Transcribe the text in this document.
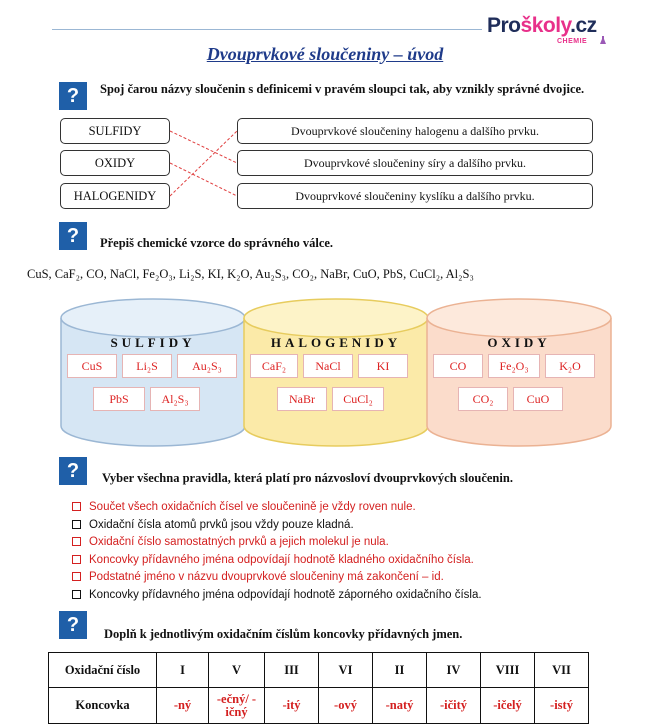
Proškoly.cz
CHEMIE
Dvouprvkové sloučeniny – úvod
?	Spoj čarou názvy sloučenin s definicemi v pravém sloupci tak, aby vznikly správné dvojice.
SULFIDY
OXIDY
HALOGENIDY
Dvouprvkové sloučeniny halogenu a dalšího prvku.
Dvouprvkové sloučeniny síry a dalšího prvku.
Dvouprvkové sloučeniny kyslíku a dalšího prvku.
?	Přepiš chemické vzorce do správného válce.
CuS, CaF₂, CO, NaCl, Fe₂O₃, Li₂S, KI, K₂O, Au₂S₃, CO₂, NaBr, CuO, PbS, CuCl₂, Al₂S₃
SULFIDY
CuS	Li₂S	Au₂S₃
PbS	Al₂S₃
HALOGENIDY
CaF₂	NaCl	KI
NaBr	CuCl₂
OXIDY
CO	Fe₂O₃	K₂O
CO₂	CuO
?	Vyber všechna pravidla, která platí pro názvosloví dvouprvkových sloučenin.
Součet všech oxidačních čísel ve sloučenině je vždy roven nule.
Oxidační čísla atomů prvků jsou vždy pouze kladná.
Oxidační číslo samostatných prvků a jejich molekul je nula.
Koncovky přídavného jména odpovídají hodnotě kladného oxidačního čísla.
Podstatné jméno v názvu dvouprvkové sloučeniny má zakončení – id.
Koncovky přídavného jména odpovídají hodnotě záporného oxidačního čísla.
?	Doplň k jednotlivým oxidačním číslům koncovky přídavných jmen.
Oxidační číslo	I	V	III	VI	II	IV	VIII	VII
Koncovka	-ný	-ečný/ -ičný	-itý	-ový	-natý	-ičitý	-ičelý	-istý
